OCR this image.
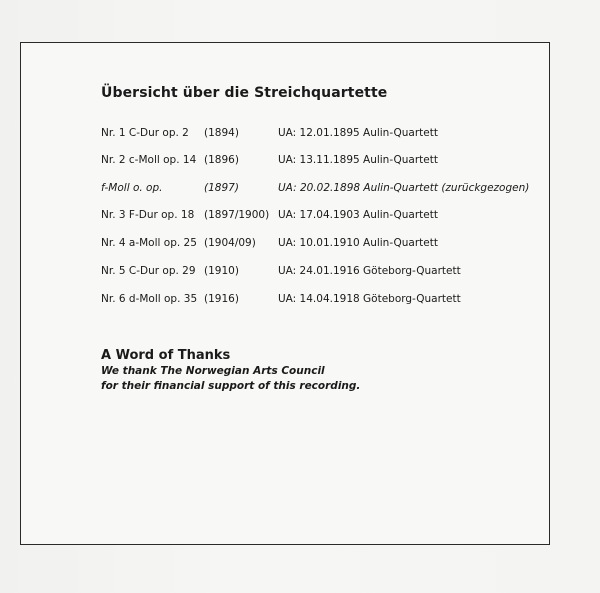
Übersicht über die Streichquartette
Nr. 1 C-Dur op. 2 (1894)	UA: 12.01.1895 Aulin-Quartett
Nr. 2 c-Moll op. 14 (1896)	UA: 13.11.1895 Aulin-Quartett
f-Moll o. op.	(1897)	UA: 20.02.1898 Aulin-Quartett (zurückgezogen)
Nr. 3 F-Dur op. 18 (1897/1900) UA: 17.04.1903 Aulin-Quartett
Nr. 4 a-Moll op. 25 (1904/09) UA: 10.01.1910 Aulin-Quartett
Nr. 5 C-Dur op. 29 (1910)	UA: 24.01.1916 Göteborg-Quartett
Nr. 6 d-Moll op. 35 (1916)	UA: 14.04.1918 Göteborg-Quartett
A Word of Thanks
We thank The Norwegian Arts Council
for their financial support of this recording.
